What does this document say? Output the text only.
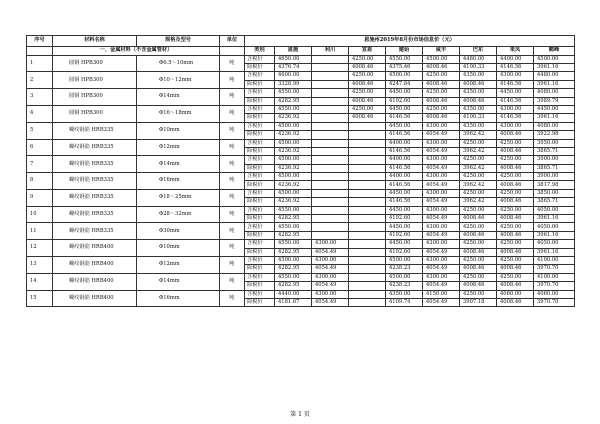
序号	材料名称	规格及型号	单位	恩施州2019年8月份市场信息价（元）								
	一、金属材料（不含金属管材）			类别	恩施	利川	宣恩	建始	咸丰	巴东	来凤	鹤峰
1	圆钢 HPB300	Φ6.5～10mm	吨	含税价	4650.00		4250.00	4550.00	4500.00	4480.00	4400.00	4500.00
				除税价	4376.74		4008.46	4375.46	4008.46	4100.33	4146.56	3961.16
2	圆钢 HPB300	Φ10～12mm	吨	含税价	4600.00		4250.00	4500.00	4250.00	4350.00	4300.00	4480.00
				除税价	3328.99		4008.46	4247.84	4008.46	4008.46	4146.56	3961.16
3	圆钢 HPB300	Φ14mm	吨	含税价	4550.00		4250.00	4450.00	4250.00	4350.00	4450.00	4080.00
				除税价	4282.95		4008.46	4192.60	4008.46	4008.46	4146.56	3989.79
4	圆钢 HPB300	Φ16～18mm	吨	含税价	4550.00		4250.00	4450.00	4250.00	4350.00	4300.00	4450.00
				除税价	4236.92		4008.46	4146.56	4008.46	4100.33	4146.56	3961.16
5	螺纹钢筋 HRB335	Φ10mm	吨	含税价	4500.00			4450.00	4300.00	4350.00	4300.00	4080.00
				除税价	4236.92			4146.56	4054.49	3962.42	4008.46	3922.98
6	螺纹钢筋 HRB335	Φ12mm	吨	含税价	4500.00			4400.00	4300.00	4250.00	4250.00	3950.00
				除税价	4236.92			4146.56	4054.49	3962.42	4008.46	3865.71
7	螺纹钢筋 HRB335	Φ14mm	吨	含税价	4500.00			4400.00	4300.00	4250.00	4250.00	3900.00
				除税价	4236.92			4146.56	4054.49	3962.42	4008.46	3865.71
8	螺纹钢筋 HRB335	Φ16mm	吨	含税价	4500.00			4400.00	4300.00	4250.00	4250.00	3900.00
				除税价	4236.92			4146.56	4054.49	3962.42	4008.46	3817.98
9	螺纹钢筋 HRB335	Φ18～25mm	吨	含税价	4500.00			4450.00	4300.00	4250.00	4250.00	3850.00
				除税价	4236.92			4146.56	4054.49	3962.42	4008.46	3865.71
10	螺纹钢筋 HRB335	Φ28～32mm	吨	含税价	4550.00			4450.00	4300.00	4250.00	4250.00	4050.00
				除税价	4282.95			4192.60	4054.49	4008.46	4008.46	3961.16
11	螺纹钢筋 HRB335	Φ30mm	吨	含税价	4550.00			4450.00	4300.00	4250.00	4250.00	4050.00
				除税价	4282.95			4192.60	4054.49	4008.46	4008.46	3961.16
12	螺纹钢筋 HRB400	Φ10mm	吨	含税价	4550.00	4300.00		4450.00	4300.00	4250.00	4250.00	4050.00
				除税价	4282.95	4054.49		4192.60	4054.49	4008.46	4008.46	3961.16
13	螺纹钢筋 HRB400	Φ12mm	吨	含税价	4500.00	4300.00		4500.00	4300.00	4250.00	4250.00	4100.00
				除税价	4282.95	4054.49		4238.23	4054.49	4008.46	4008.46	3970.70
14	螺纹钢筋 HRB400	Φ14mm	吨	含税价	4550.00	4300.00		4500.00	4300.00	4250.00	4250.00	4100.00
				除税价	4282.95	4054.49		4238.23	4054.49	4008.46	4008.46	3970.70
15	螺纹钢筋 HRB400	Φ16mm	吨	含税价	4440.00	4300.00		4350.00	4150.00	4250.00	4060.00	4060.00
				除税价	4181.67	4054.49		4109.74	4054.49	3907.18	4008.46	3970.70
第 1 页
